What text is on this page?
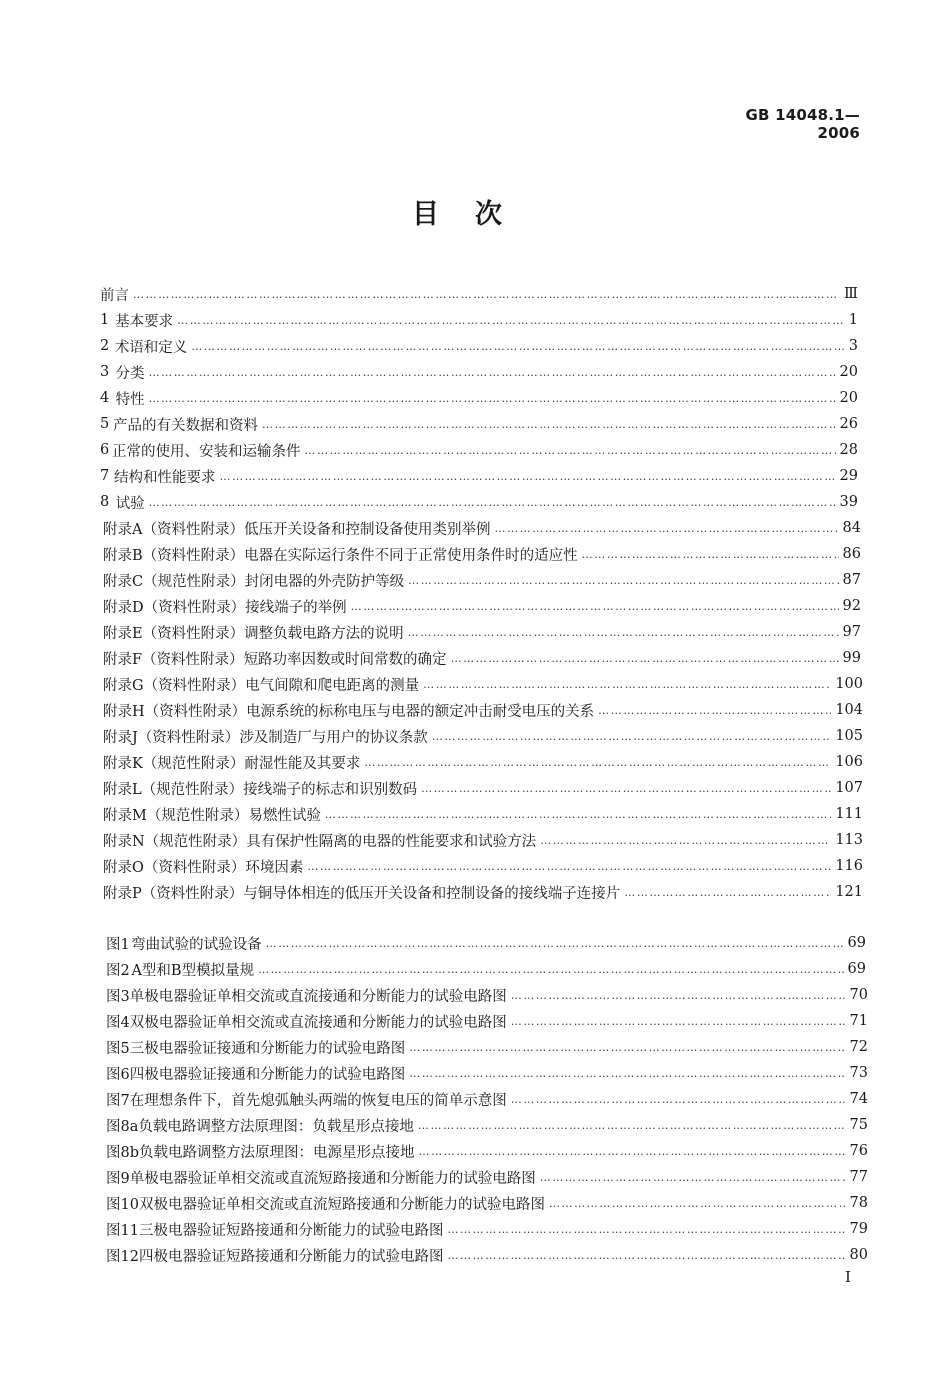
GB 14048.1—2006
目次
前言 ………………………………………………………………………………………………………………………………………………………………………………………………………………………………	Ⅲ
1 基本要求 ………………………………………………………………………………………………………………………………………………………………………………………………………………………………	1
2 术语和定义 ………………………………………………………………………………………………………………………………………………………………………………………………………………………………	3
3 分类 ………………………………………………………………………………………………………………………………………………………………………………………………………………………………	20
4 特性 ………………………………………………………………………………………………………………………………………………………………………………………………………………………………	20
5 产品的有关数据和资料 ………………………………………………………………………………………………………………………………………………………………………………………………………………………………	26
6 正常的使用、安装和运输条件 ………………………………………………………………………………………………………………………………………………………………………………………………………………………………	28
7 结构和性能要求 ………………………………………………………………………………………………………………………………………………………………………………………………………………………………	29
8 试验 ………………………………………………………………………………………………………………………………………………………………………………………………………………………………	39
附录A（资料性附录） 低压开关设备和控制设备使用类别举例 ………………………………………………………………………………………………………………………………………………………………………………………………………………………………	84
附录B（资料性附录） 电器在实际运行条件不同于正常使用条件时的适应性 ………………………………………………………………………………………………………………………………………………………………………………………………………………………………	86
附录C（规范性附录） 封闭电器的外壳防护等级 ………………………………………………………………………………………………………………………………………………………………………………………………………………………………	87
附录D（资料性附录） 接线端子的举例 ………………………………………………………………………………………………………………………………………………………………………………………………………………………………	92
附录E（资料性附录） 调整负载电路方法的说明 ………………………………………………………………………………………………………………………………………………………………………………………………………………………………	97
附录F（资料性附录） 短路功率因数或时间常数的确定 ………………………………………………………………………………………………………………………………………………………………………………………………………………………………	99
附录G（资料性附录） 电气间隙和爬电距离的测量 ………………………………………………………………………………………………………………………………………………………………………………………………………………………………	100
附录H（资料性附录） 电源系统的标称电压与电器的额定冲击耐受电压的关系 ………………………………………………………………………………………………………………………………………………………………………………………………………………………………	104
附录J（资料性附录） 涉及制造厂与用户的协议条款 ………………………………………………………………………………………………………………………………………………………………………………………………………………………………	105
附录K（规范性附录） 耐湿性能及其要求 ………………………………………………………………………………………………………………………………………………………………………………………………………………………………	106
附录L（规范性附录） 接线端子的标志和识别数码 ………………………………………………………………………………………………………………………………………………………………………………………………………………………………	107
附录M（规范性附录） 易燃性试验 ………………………………………………………………………………………………………………………………………………………………………………………………………………………………	111
附录N（规范性附录） 具有保护性隔离的电器的性能要求和试验方法 ………………………………………………………………………………………………………………………………………………………………………………………………………………………………	113
附录O（资料性附录） 环境因素 ………………………………………………………………………………………………………………………………………………………………………………………………………………………………	116
附录P（资料性附录） 与铜导体相连的低压开关设备和控制设备的接线端子连接片 ………………………………………………………………………………………………………………………………………………………………………………………………………………………………	121
图1 弯曲试验的试验设备 ………………………………………………………………………………………………………………………………………………………………………………………………………………………………	69
图2 A型和B型模拟量规 ………………………………………………………………………………………………………………………………………………………………………………………………………………………………	69
图3 单极电器验证单相交流或直流接通和分断能力的试验电路图 ………………………………………………………………………………………………………………………………………………………………………………………………………………………………	70
图4 双极电器验证单相交流或直流接通和分断能力的试验电路图 ………………………………………………………………………………………………………………………………………………………………………………………………………………………………	71
图5 三极电器验证接通和分断能力的试验电路图 ………………………………………………………………………………………………………………………………………………………………………………………………………………………………	72
图6 四极电器验证接通和分断能力的试验电路图 ………………………………………………………………………………………………………………………………………………………………………………………………………………………………	73
图7 在理想条件下，首先熄弧触头两端的恢复电压的简单示意图 ………………………………………………………………………………………………………………………………………………………………………………………………………………………………	74
图8a 负载电路调整方法原理图：负载星形点接地 ………………………………………………………………………………………………………………………………………………………………………………………………………………………………	75
图8b 负载电路调整方法原理图：电源星形点接地 ………………………………………………………………………………………………………………………………………………………………………………………………………………………………	76
图9 单极电器验证单相交流或直流短路接通和分断能力的试验电路图 ………………………………………………………………………………………………………………………………………………………………………………………………………………………………	77
图10 双极电器验证单相交流或直流短路接通和分断能力的试验电路图 ………………………………………………………………………………………………………………………………………………………………………………………………………………………………	78
图11 三极电器验证短路接通和分断能力的试验电路图 ………………………………………………………………………………………………………………………………………………………………………………………………………………………………	79
图12 四极电器验证短路接通和分断能力的试验电路图 ………………………………………………………………………………………………………………………………………………………………………………………………………………………………	80
I
